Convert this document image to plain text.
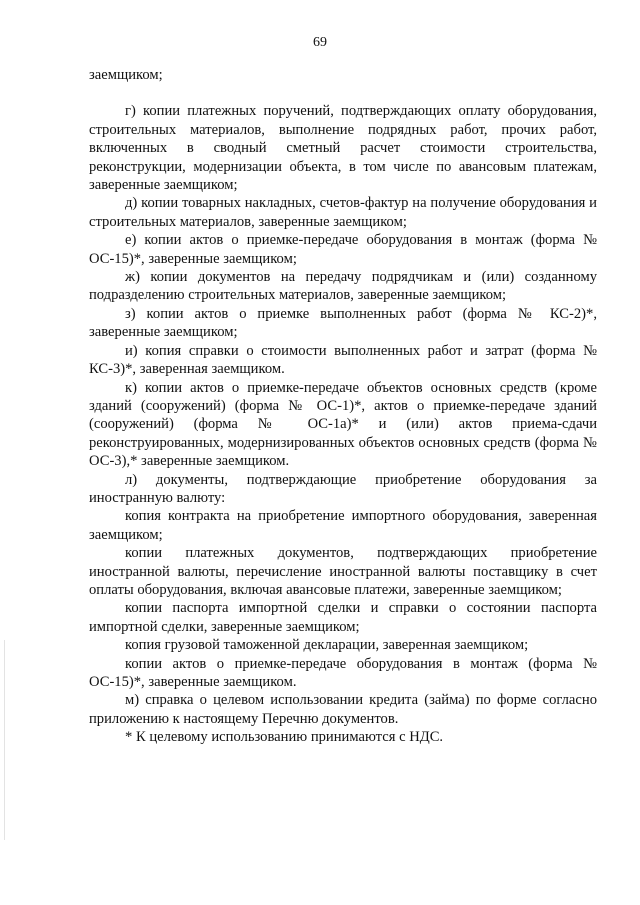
69

заемщиком;

г) копии платежных поручений, подтверждающих оплату оборудования, строительных материалов, выполнение подрядных работ, прочих работ, включенных в сводный сметный расчет стоимости строительства, реконструкции, модернизации объекта, в том числе по авансовым платежам, заверенные заемщиком;

д) копии товарных накладных, счетов-фактур на получение оборудования и строительных материалов, заверенные заемщиком;

е) копии актов о приемке-передаче оборудования в монтаж (форма № ОС-15)*, заверенные заемщиком;

ж) копии документов на передачу подрядчикам и (или) созданному подразделению строительных материалов, заверенные заемщиком;

з) копии актов о приемке выполненных работ (форма № КС-2)*, заверенные заемщиком;

и) копия справки о стоимости выполненных работ и затрат (форма № КС-3)*, заверенная заемщиком.

к) копии актов о приемке-передаче объектов основных средств (кроме зданий (сооружений) (форма № ОС-1)*, актов о приемке-передаче зданий (сооружений) (форма № ОС-1а)* и (или) актов приема-сдачи реконструированных, модернизированных объектов основных средств (форма № ОС-3),* заверенные заемщиком.

л) документы, подтверждающие приобретение оборудования за иностранную валюту:

копия контракта на приобретение импортного оборудования, заверенная заемщиком;

копии платежных документов, подтверждающих приобретение иностранной валюты, перечисление иностранной валюты поставщику в счет оплаты оборудования, включая авансовые платежи, заверенные заемщиком;

копии паспорта импортной сделки и справки о состоянии паспорта импортной сделки, заверенные заемщиком;

копия грузовой таможенной декларации, заверенная заемщиком;

копии актов о приемке-передаче оборудования в монтаж (форма № ОС-15)*, заверенные заемщиком.

м) справка о целевом использовании кредита (займа) по форме согласно приложению к настоящему Перечню документов.

* К целевому использованию принимаются с НДС.
